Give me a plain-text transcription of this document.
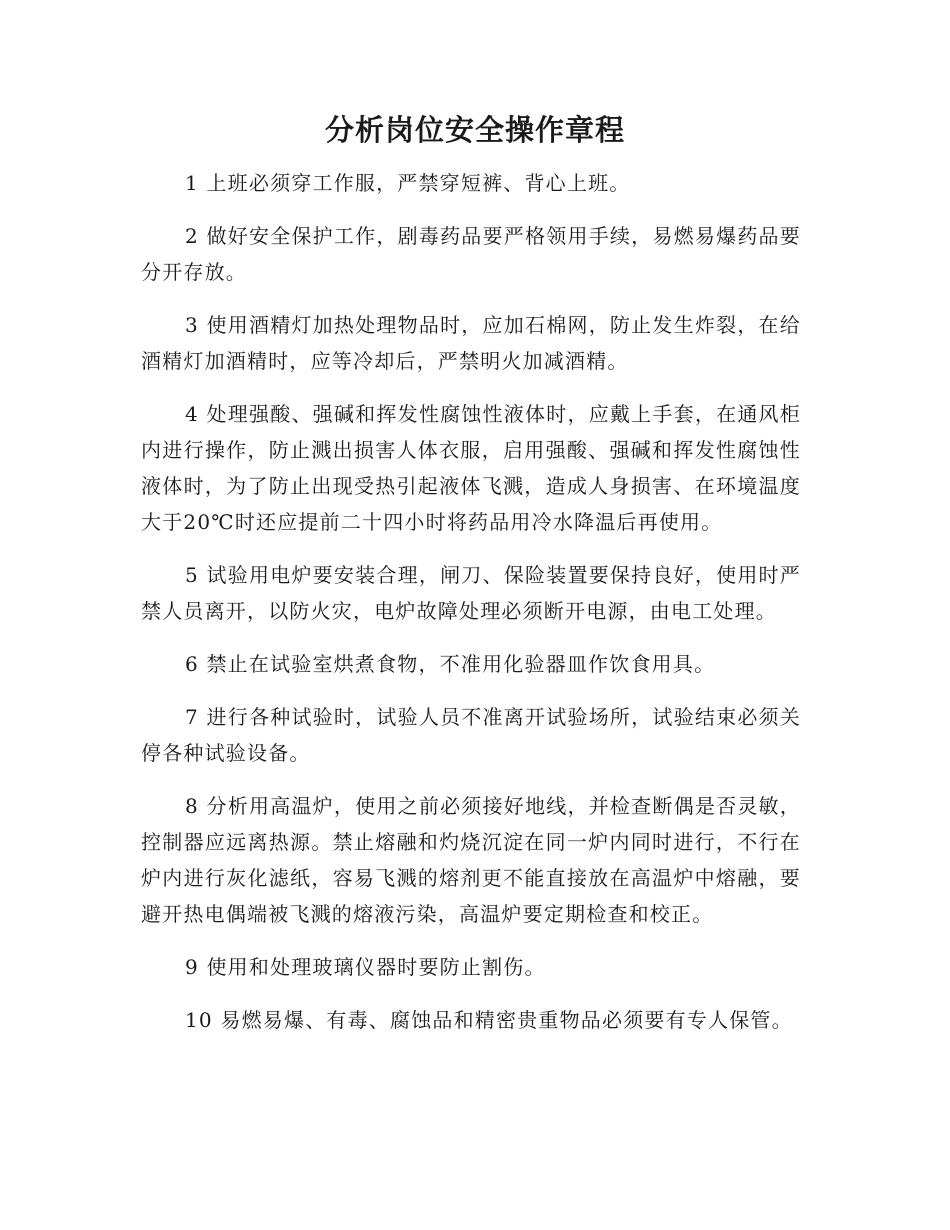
分析岗位安全操作章程

1 上班必须穿工作服，严禁穿短裤、背心上班。

2 做好安全保护工作，剧毒药品要严格领用手续，易燃易爆药品要分开存放。

3 使用酒精灯加热处理物品时，应加石棉网，防止发生炸裂，在给酒精灯加酒精时，应等冷却后，严禁明火加减酒精。

4 处理强酸、强碱和挥发性腐蚀性液体时，应戴上手套，在通风柜内进行操作，防止溅出损害人体衣服，启用强酸、强碱和挥发性腐蚀性液体时，为了防止出现受热引起液体飞溅，造成人身损害、在环境温度大于20℃时还应提前二十四小时将药品用冷水降温后再使用。

5 试验用电炉要安装合理，闸刀、保险装置要保持良好，使用时严禁人员离开，以防火灾，电炉故障处理必须断开电源，由电工处理。

6 禁止在试验室烘煮食物，不准用化验器皿作饮食用具。

7 进行各种试验时，试验人员不准离开试验场所，试验结束必须关停各种试验设备。

8 分析用高温炉，使用之前必须接好地线，并检查断偶是否灵敏，控制器应远离热源。禁止熔融和灼烧沉淀在同一炉内同时进行，不行在炉内进行灰化滤纸，容易飞溅的熔剂更不能直接放在高温炉中熔融，要避开热电偶端被飞溅的熔液污染，高温炉要定期检查和校正。

9 使用和处理玻璃仪器时要防止割伤。

10 易燃易爆、有毒、腐蚀品和精密贵重物品必须要有专人保管。
